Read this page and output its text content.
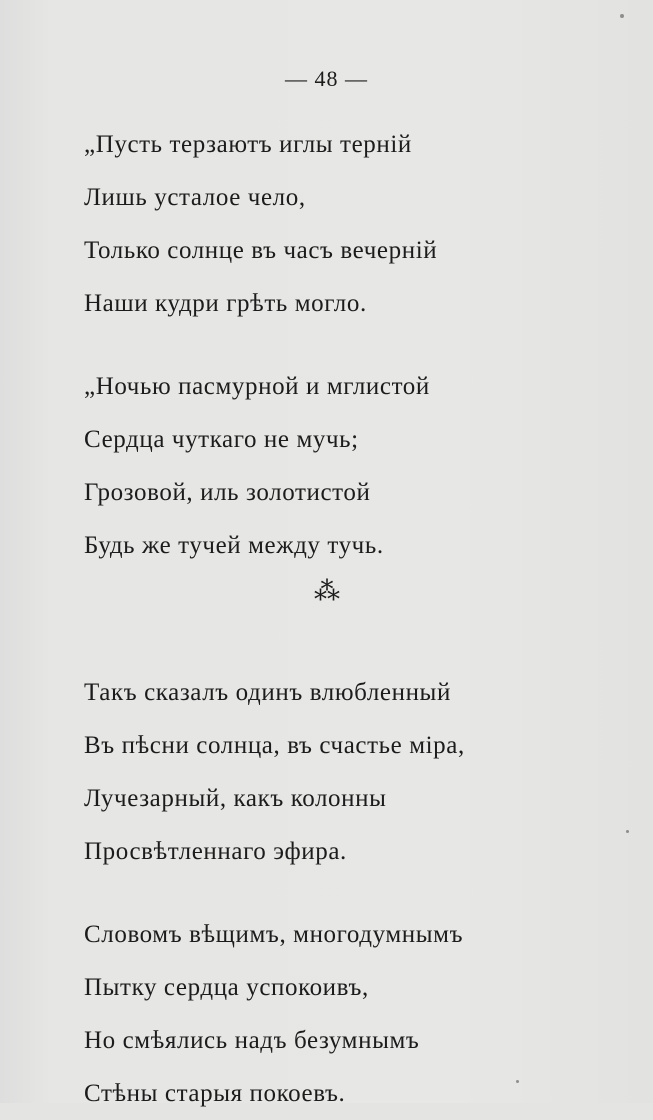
— 48 —
„Пусть терзаютъ иглы терній
Лишь усталое чело,
Только солнце въ часъ вечерній
Наши кудри грѣть могло.
„Ночью пасмурной и мглистой
Сердца чуткаго не мучь;
Грозовой, иль золотистой
Будь же тучей между тучь.
Такъ сказалъ одинъ влюбленный
Въ пѣсни солнца, въ счастье міра,
Лучезарный, какъ колонны
Просвѣтленнаго эфира.
Словомъ вѣщимъ, многодумнымъ
Пытку сердца успокоивъ,
Но смѣялись надъ безумнымъ
Стѣны старыя покоевъ.
⁂
